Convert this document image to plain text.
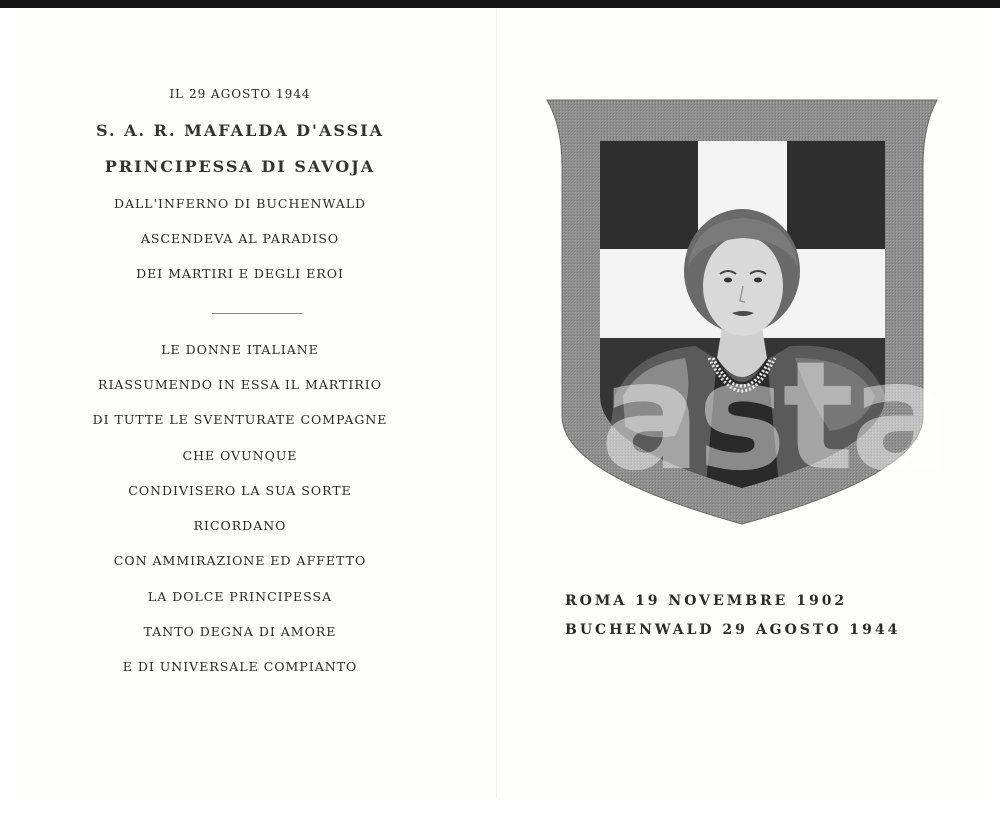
IL 29 AGOSTO 1944
S. A. R. MAFALDA D'ASSIA
PRINCIPESSA DI SAVOJA
DALL'INFERNO DI BUCHENWALD
ASCENDEVA AL PARADISO
DEI MARTIRI E DEGLI EROI
LE DONNE ITALIANE
RIASSUMENDO IN ESSA IL MARTIRIO
DI TUTTE LE SVENTURATE COMPAGNE
CHE OVUNQUE
CONDIVISERO LA SUA SORTE
RICORDANO
CON AMMIRAZIONE ED AFFETTO
LA DOLCE PRINCIPESSA
TANTO DEGNA DI AMORE
E DI UNIVERSALE COMPIANTO
asta
ROMA 19 NOVEMBRE 1902
BUCHENWALD 29 AGOSTO 1944
